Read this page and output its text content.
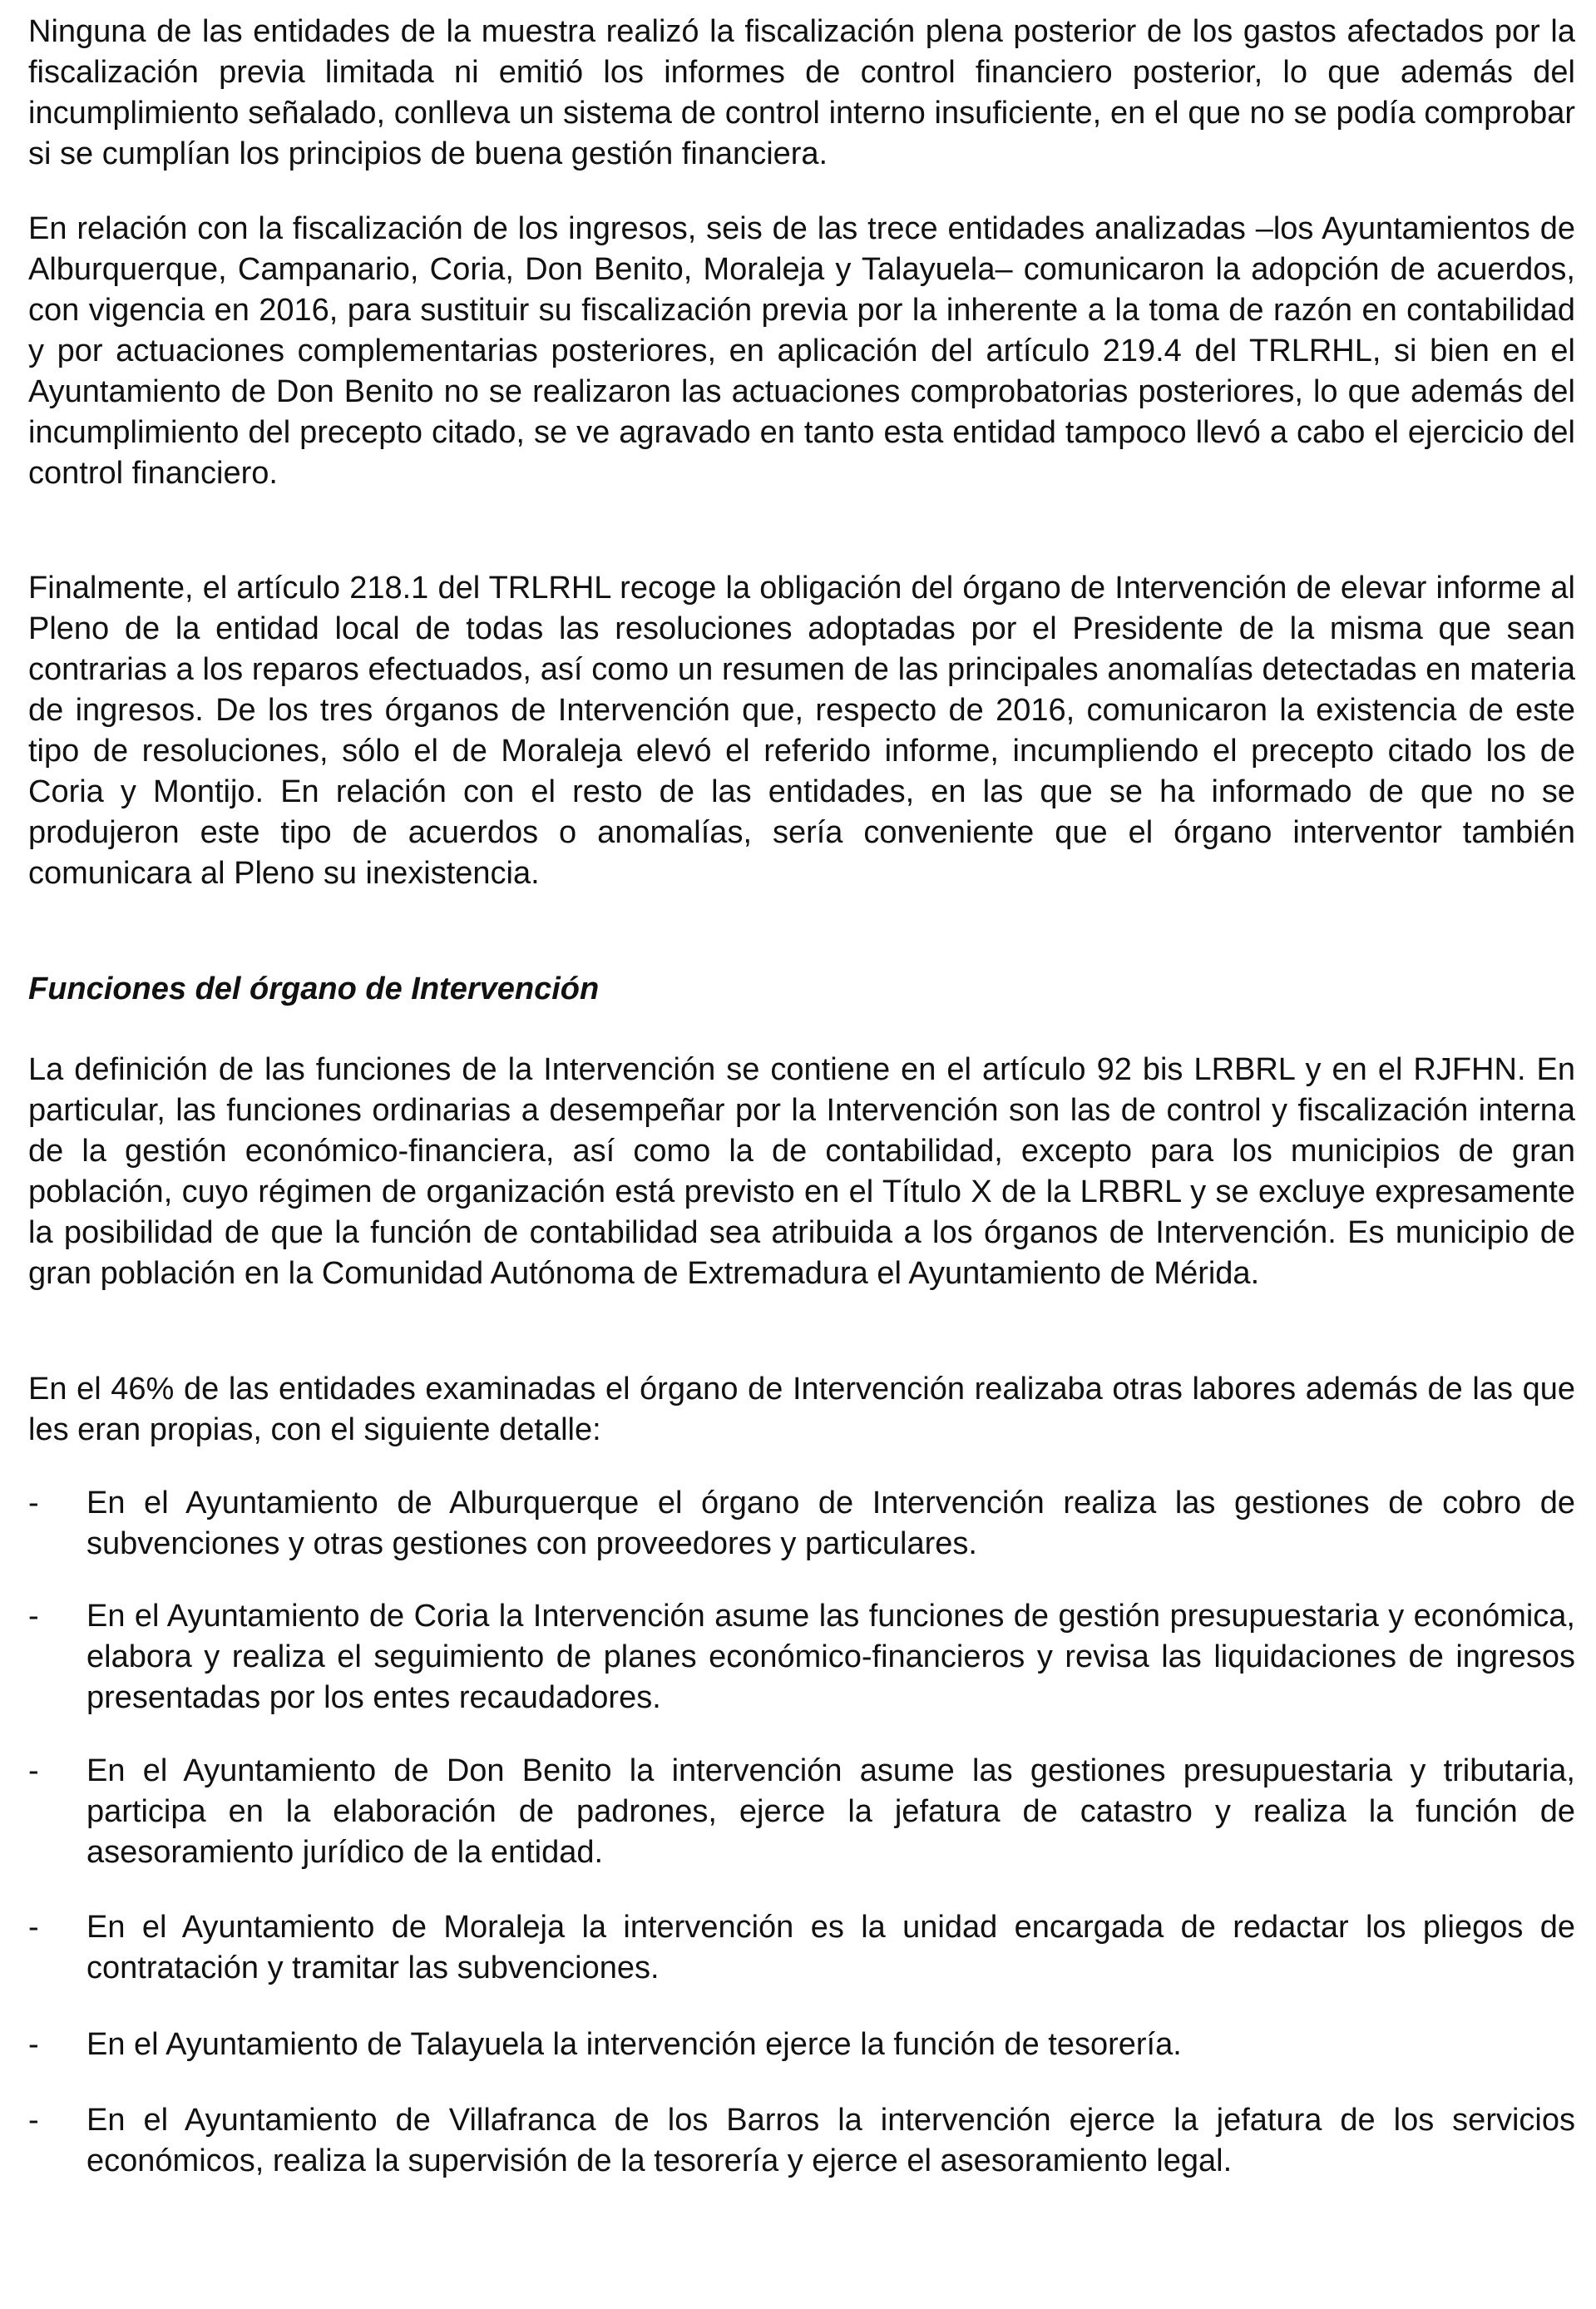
Ninguna de las entidades de la muestra realizó la fiscalización plena posterior de los gastos afectados por la fiscalización previa limitada ni emitió los informes de control financiero posterior, lo que además del incumplimiento señalado, conlleva un sistema de control interno insuficiente, en el que no se podía comprobar si se cumplían los principios de buena gestión financiera.

En relación con la fiscalización de los ingresos, seis de las trece entidades analizadas –los Ayuntamientos de Alburquerque, Campanario, Coria, Don Benito, Moraleja y Talayuela– comunicaron la adopción de acuerdos, con vigencia en 2016, para sustituir su fiscalización previa por la inherente a la toma de razón en contabilidad y por actuaciones complementarias posteriores, en aplicación del artículo 219.4 del TRLRHL, si bien en el Ayuntamiento de Don Benito no se realizaron las actuaciones comprobatorias posteriores, lo que además del incumplimiento del precepto citado, se ve agravado en tanto esta entidad tampoco llevó a cabo el ejercicio del control financiero.

Finalmente, el artículo 218.1 del TRLRHL recoge la obligación del órgano de Intervención de elevar informe al Pleno de la entidad local de todas las resoluciones adoptadas por el Presidente de la misma que sean contrarias a los reparos efectuados, así como un resumen de las principales anomalías detectadas en materia de ingresos. De los tres órganos de Intervención que, respecto de 2016, comunicaron la existencia de este tipo de resoluciones, sólo el de Moraleja elevó el referido informe, incumpliendo el precepto citado los de Coria y Montijo. En relación con el resto de las entidades, en las que se ha informado de que no se produjeron este tipo de acuerdos o anomalías, sería conveniente que el órgano interventor también comunicara al Pleno su inexistencia.

Funciones del órgano de Intervención

La definición de las funciones de la Intervención se contiene en el artículo 92 bis LRBRL y en el RJFHN. En particular, las funciones ordinarias a desempeñar por la Intervención son las de control y fiscalización interna de la gestión económico-financiera, así como la de contabilidad, excepto para los municipios de gran población, cuyo régimen de organización está previsto en el Título X de la LRBRL y se excluye expresamente la posibilidad de que la función de contabilidad sea atribuida a los órganos de Intervención. Es municipio de gran población en la Comunidad Autónoma de Extremadura el Ayuntamiento de Mérida.

En el 46% de las entidades examinadas el órgano de Intervención realizaba otras labores además de las que les eran propias, con el siguiente detalle:

-	En el Ayuntamiento de Alburquerque el órgano de Intervención realiza las gestiones de cobro de subvenciones y otras gestiones con proveedores y particulares.
-	En el Ayuntamiento de Coria la Intervención asume las funciones de gestión presupuestaria y económica, elabora y realiza el seguimiento de planes económico-financieros y revisa las liquidaciones de ingresos presentadas por los entes recaudadores.
-	En el Ayuntamiento de Don Benito la intervención asume las gestiones presupuestaria y tributaria, participa en la elaboración de padrones, ejerce la jefatura de catastro y realiza la función de asesoramiento jurídico de la entidad.
-	En el Ayuntamiento de Moraleja la intervención es la unidad encargada de redactar los pliegos de contratación y tramitar las subvenciones.
-	En el Ayuntamiento de Talayuela la intervención ejerce la función de tesorería.
-	En el Ayuntamiento de Villafranca de los Barros la intervención ejerce la jefatura de los servicios económicos, realiza la supervisión de la tesorería y ejerce el asesoramiento legal.
